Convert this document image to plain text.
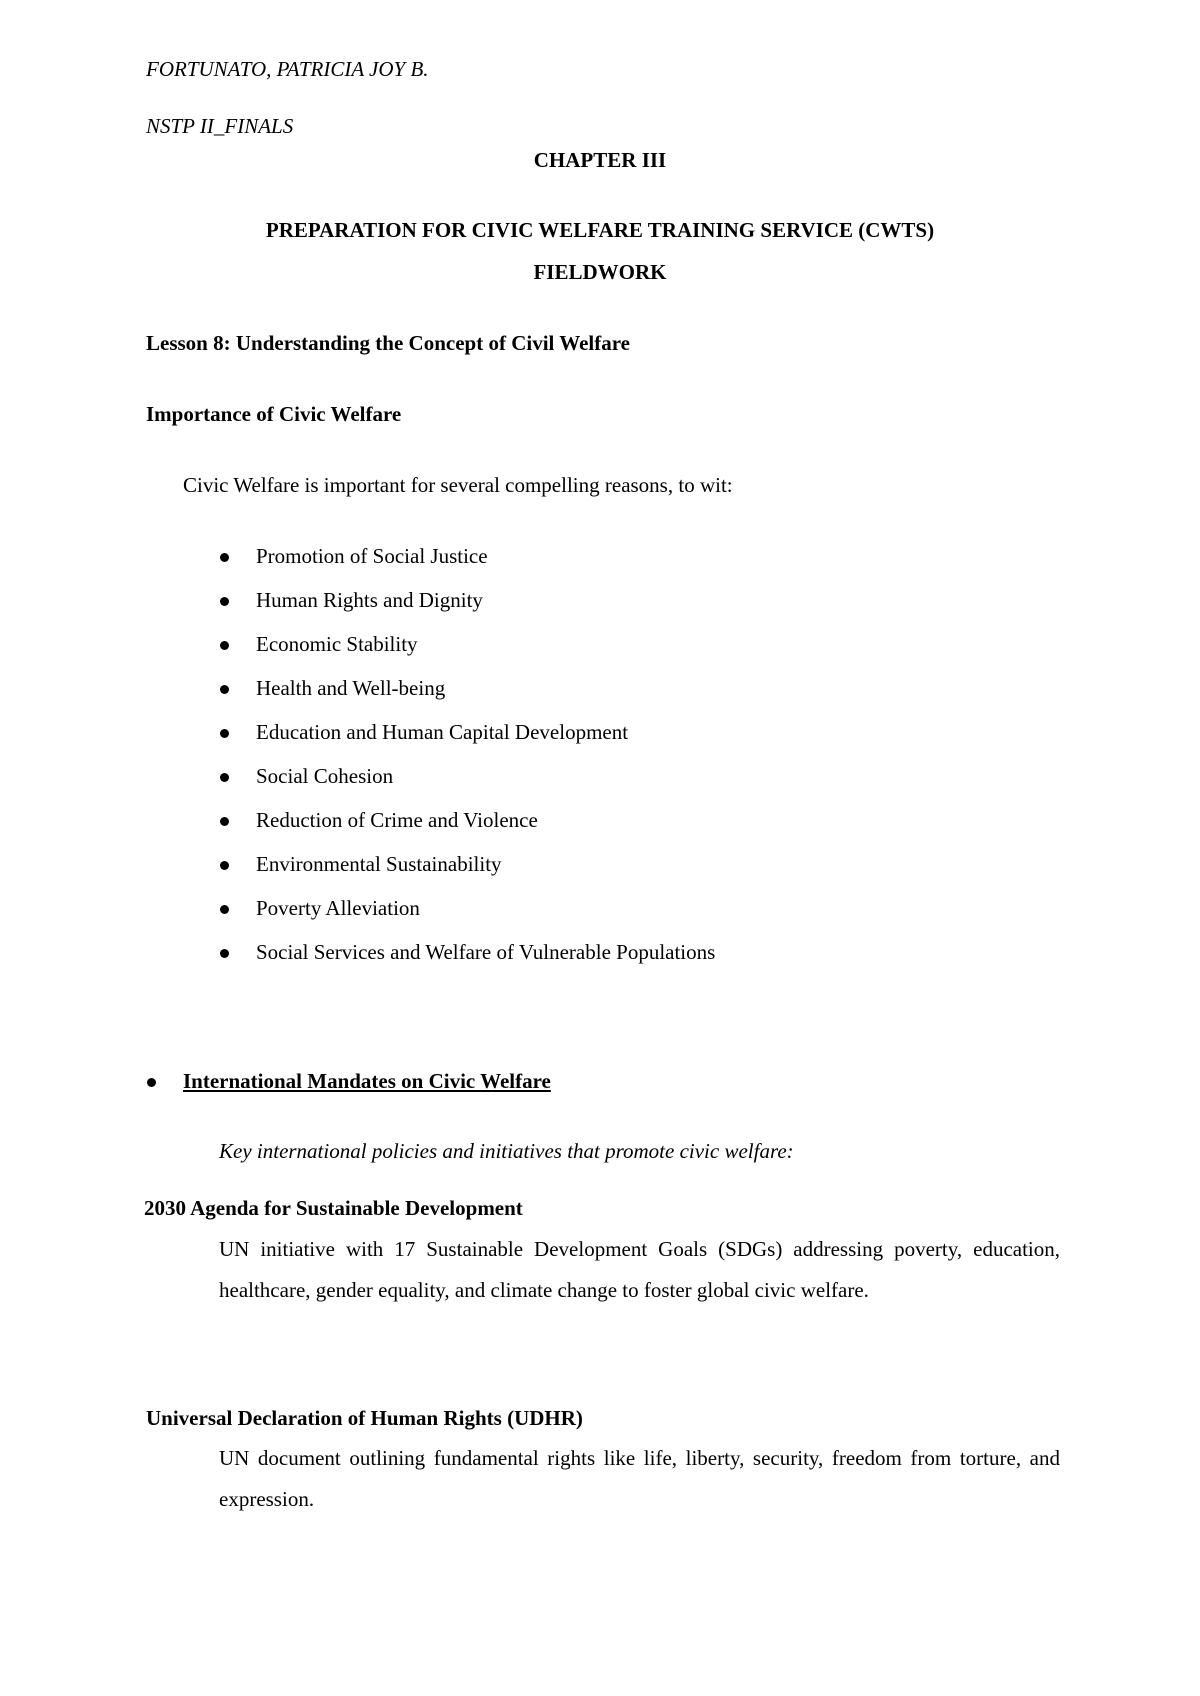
FORTUNATO, PATRICIA JOY B.
NSTP II_FINALS
CHAPTER III
PREPARATION FOR CIVIC WELFARE TRAINING SERVICE (CWTS)
FIELDWORK
Lesson 8: Understanding the Concept of Civil Welfare
Importance of Civic Welfare
Civic Welfare is important for several compelling reasons, to wit:
Promotion of Social Justice
Human Rights and Dignity
Economic Stability
Health and Well-being
Education and Human Capital Development
Social Cohesion
Reduction of Crime and Violence
Environmental Sustainability
Poverty Alleviation
Social Services and Welfare of Vulnerable Populations
International Mandates on Civic Welfare
Key international policies and initiatives that promote civic welfare:
2030 Agenda for Sustainable Development
UN initiative with 17 Sustainable Development Goals (SDGs) addressing poverty, education, healthcare, gender equality, and climate change to foster global civic welfare.
Universal Declaration of Human Rights (UDHR)
UN document outlining fundamental rights like life, liberty, security, freedom from torture, and expression.
